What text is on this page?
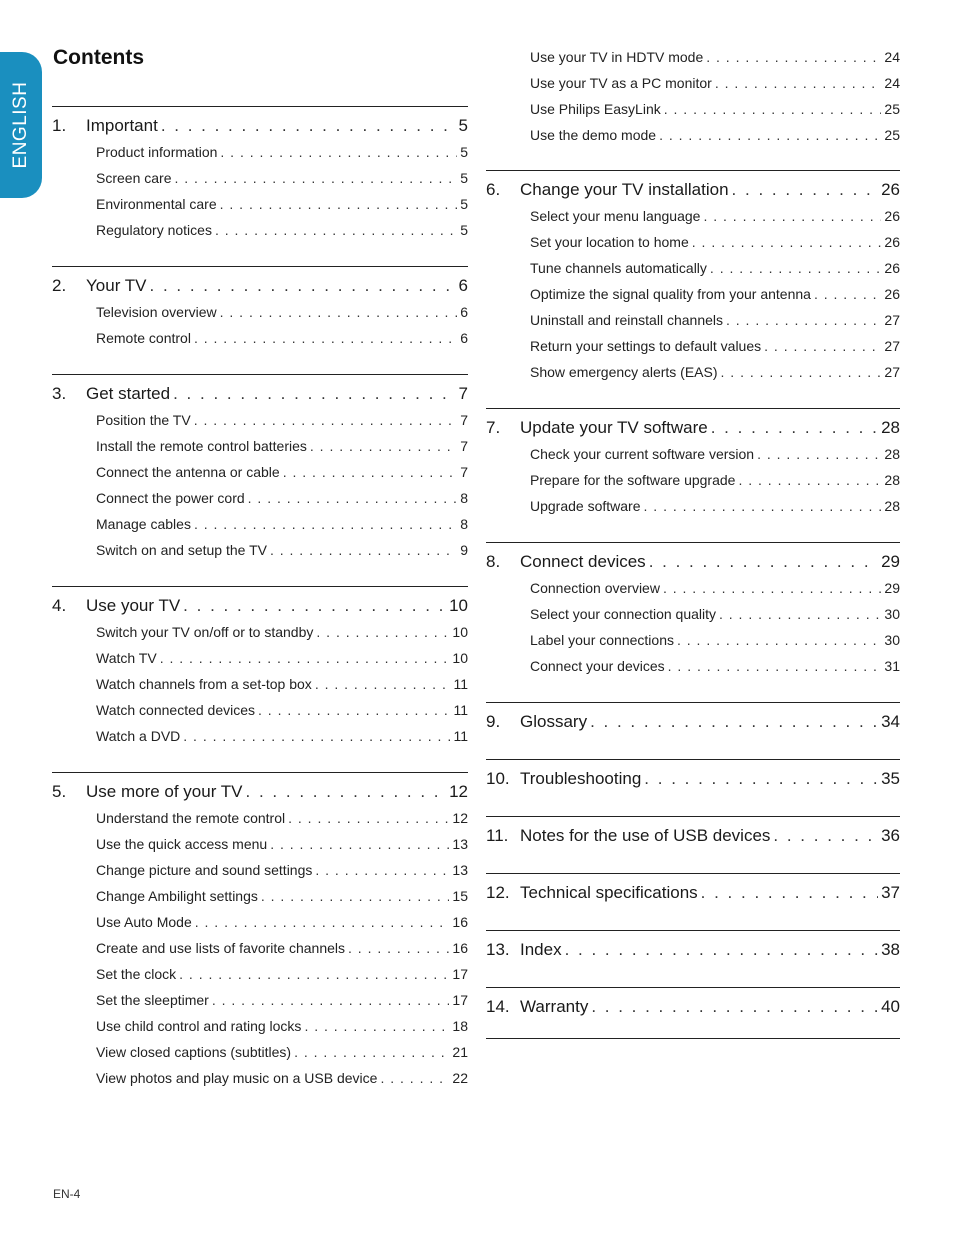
ENGLISH
Contents
1.	Important . . .	5
Product information . . .	5
Screen care . . .	5
Environmental care . . .	5
Regulatory notices . . .	5
2.	Your TV . . .	6
Television overview . . .	6
Remote control . . .	6
3.	Get started . . .	7
Position the TV . . .	7
Install the remote control batteries . . .	7
Connect the antenna or cable . . .	7
Connect the power cord . . .	8
Manage cables . . .	8
Switch on and setup the TV . . .	9
4.	Use your TV . . .	10
Switch your TV on/off or to standby . . .	10
Watch TV . . .	10
Watch channels from a set-top box . . .	11
Watch connected devices . . .	11
Watch a DVD . . .	11
5.	Use more of your TV . . .	12
Understand the remote control . . .	12
Use the quick access menu . . .	13
Change picture and sound settings . . .	13
Change Ambilight settings . . .	15
Use Auto Mode . . .	16
Create and use lists of favorite channels . . .	16
Set the clock . . .	17
Set the sleeptimer . . .	17
Use child control and rating locks . . .	18
View closed captions (subtitles) . . .	21
View photos and play music on a USB device . . .	22
Use your TV in HDTV mode . . .	24
Use your TV as a PC monitor . . .	24
Use Philips EasyLink . . .	25
Use the demo mode . . .	25
6.	Change your TV installation . . .	26
Select your menu language . . .	26
Set your location to home . . .	26
Tune channels automatically . . .	26
Optimize the signal quality from your antenna . . .	26
Uninstall and reinstall channels . . .	27
Return your settings to default values . . .	27
Show emergency alerts (EAS) . . .	27
7.	Update your TV software . . .	28
Check your current software version . . .	28
Prepare for the software upgrade . . .	28
Upgrade software . . .	28
8.	Connect devices . . .	29
Connection overview . . .	29
Select your connection quality . . .	30
Label your connections . . .	30
Connect your devices . . .	31
9.	Glossary . . .	34
10. Troubleshooting . . .	35
11. Notes for the use of USB devices . . .	36
12. Technical specifications . . .	37
13. Index . . .	38
14. Warranty . . .	40
EN-4
